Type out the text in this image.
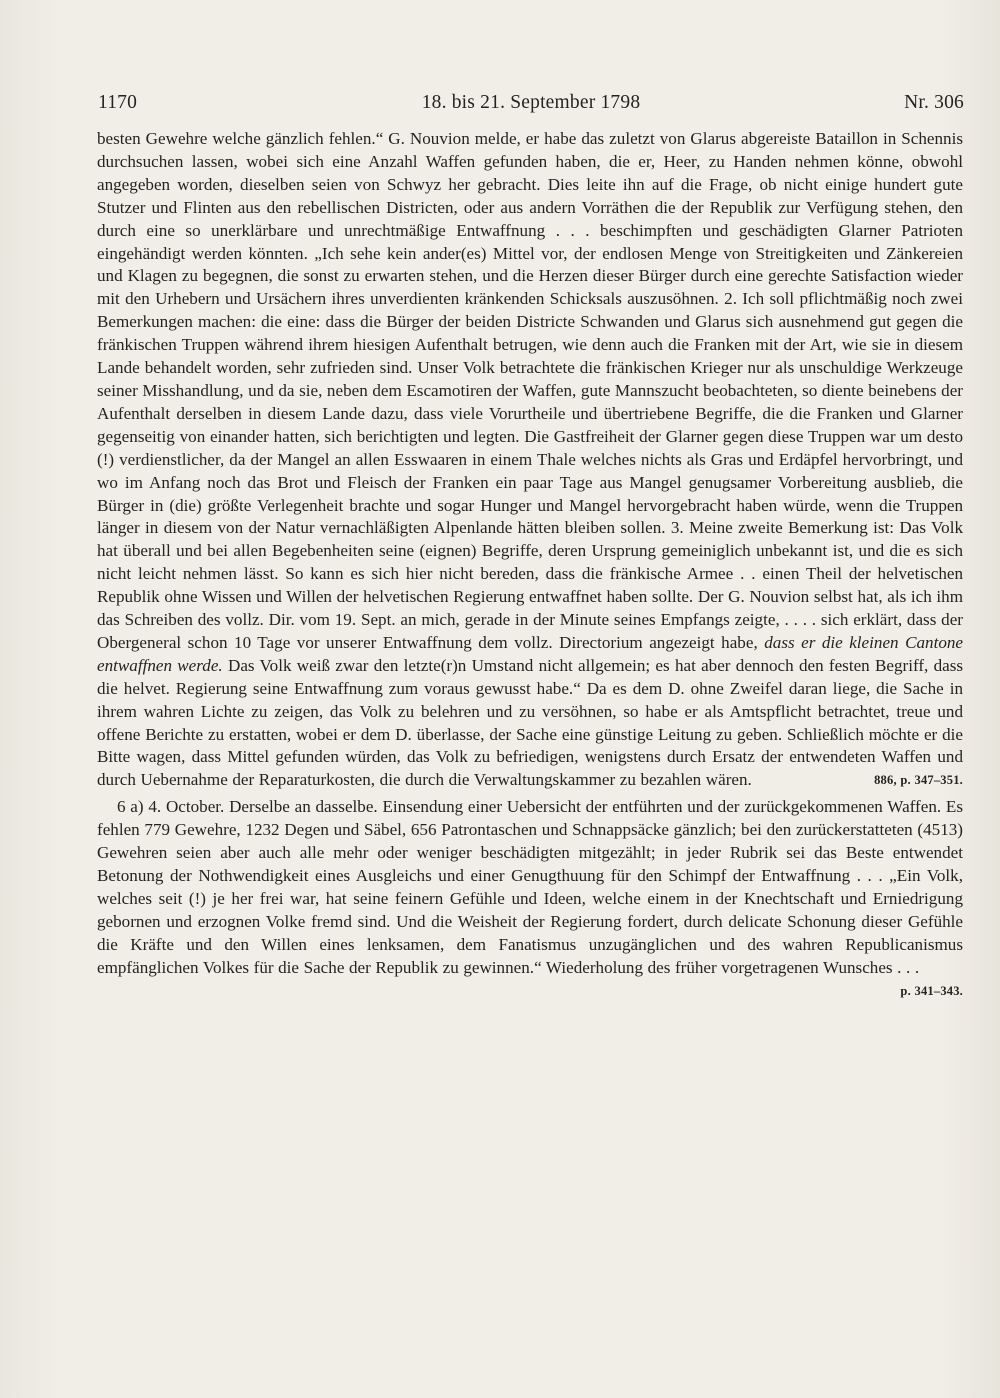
1170	18. bis 21. September 1798	Nr. 306

besten Gewehre welche gänzlich fehlen.“ G. Nouvion melde, er habe das zuletzt von Glarus abgereiste Bataillon in Schennis durchsuchen lassen, wobei sich eine Anzahl Waffen gefunden haben, die er, Heer, zu Handen nehmen könne, obwohl angegeben worden, dieselben seien von Schwyz her gebracht. Dies leite ihn auf die Frage, ob nicht einige hundert gute Stutzer und Flinten aus den rebellischen Districten, oder aus andern Vorräthen die der Republik zur Verfügung stehen, den durch eine so unerklärbare und unrechtmäßige Entwaffnung . . . beschimpften und geschädigten Glarner Patrioten eingehändigt werden könnten. „Ich sehe kein ander(es) Mittel vor, der endlosen Menge von Streitigkeiten und Zänkereien und Klagen zu begegnen, die sonst zu erwarten stehen, und die Herzen dieser Bürger durch eine gerechte Satisfaction wieder mit den Urhebern und Ursächern ihres unverdienten kränkenden Schicksals auszusöhnen. 2. Ich soll pflichtmäßig noch zwei Bemerkungen machen: die eine: dass die Bürger der beiden Districte Schwanden und Glarus sich ausnehmend gut gegen die fränkischen Truppen während ihrem hiesigen Aufenthalt betrugen, wie denn auch die Franken mit der Art, wie sie in diesem Lande behandelt worden, sehr zufrieden sind. Unser Volk betrachtete die fränkischen Krieger nur als unschuldige Werkzeuge seiner Misshandlung, und da sie, neben dem Escamotiren der Waffen, gute Mannszucht beobachteten, so diente beinebens der Aufenthalt derselben in diesem Lande dazu, dass viele Vorurtheile und übertriebene Begriffe, die die Franken und Glarner gegenseitig von einander hatten, sich berichtigten und legten. Die Gastfreiheit der Glarner gegen diese Truppen war um desto (!) verdienstlicher, da der Mangel an allen Esswaaren in einem Thale welches nichts als Gras und Erdäpfel hervorbringt, und wo im Anfang noch das Brot und Fleisch der Franken ein paar Tage aus Mangel genugsamer Vorbereitung ausblieb, die Bürger in (die) größte Verlegenheit brachte und sogar Hunger und Mangel hervorgebracht haben würde, wenn die Truppen länger in diesem von der Natur vernachläßigten Alpenlande hätten bleiben sollen. 3. Meine zweite Bemerkung ist: Das Volk hat überall und bei allen Begebenheiten seine (eignen) Begriffe, deren Ursprung gemeiniglich unbekannt ist, und die es sich nicht leicht nehmen lässt. So kann es sich hier nicht bereden, dass die fränkische Armee . . einen Theil der helvetischen Republik ohne Wissen und Willen der helvetischen Regierung entwaffnet haben sollte. Der G. Nouvion selbst hat, als ich ihm das Schreiben des vollz. Dir. vom 19. Sept. an mich, gerade in der Minute seines Empfangs zeigte, . . . . sich erklärt, dass der Obergeneral schon 10 Tage vor unserer Entwaffnung dem vollz. Directorium angezeigt habe, dass er die kleinen Cantone entwaffnen werde. Das Volk weiß zwar den letzte(r)n Umstand nicht allgemein; es hat aber dennoch den festen Begriff, dass die helvet. Regierung seine Entwaffnung zum voraus gewusst habe.“ Da es dem D. ohne Zweifel daran liege, die Sache in ihrem wahren Lichte zu zeigen, das Volk zu belehren und zu versöhnen, so habe er als Amtspflicht betrachtet, treue und offene Berichte zu erstatten, wobei er dem D. überlasse, der Sache eine günstige Leitung zu geben. Schließlich möchte er die Bitte wagen, dass Mittel gefunden würden, das Volk zu befriedigen, wenigstens durch Ersatz der entwendeten Waffen und durch Uebernahme der Reparaturkosten, die durch die Verwaltungskammer zu bezahlen wären.	886, p. 347–351.

6 a) 4. October. Derselbe an dasselbe. Einsendung einer Uebersicht der entführten und der zurückgekommenen Waffen. Es fehlen 779 Gewehre, 1232 Degen und Säbel, 656 Patrontaschen und Schnappsäcke gänzlich; bei den zurückerstatteten (4513) Gewehren seien aber auch alle mehr oder weniger beschädigten mitgezählt; in jeder Rubrik sei das Beste entwendet Betonung der Nothwendigkeit eines Ausgleichs und einer Genugthuung für den Schimpf der Entwaffnung . . . „Ein Volk, welches seit (!) je her frei war, hat seine feinern Gefühle und Ideen, welche einem in der Knechtschaft und Erniedrigung gebornen und erzognen Volke fremd sind. Und die Weisheit der Regierung fordert, durch delicate Schonung dieser Gefühle die Kräfte und den Willen eines lenksamen, dem Fanatismus unzugänglichen und des wahren Republicanismus empfänglichen Volkes für die Sache der Republik zu gewinnen.“ Wiederholung des früher vorgetragenen Wunsches . . .
p. 341–343.
